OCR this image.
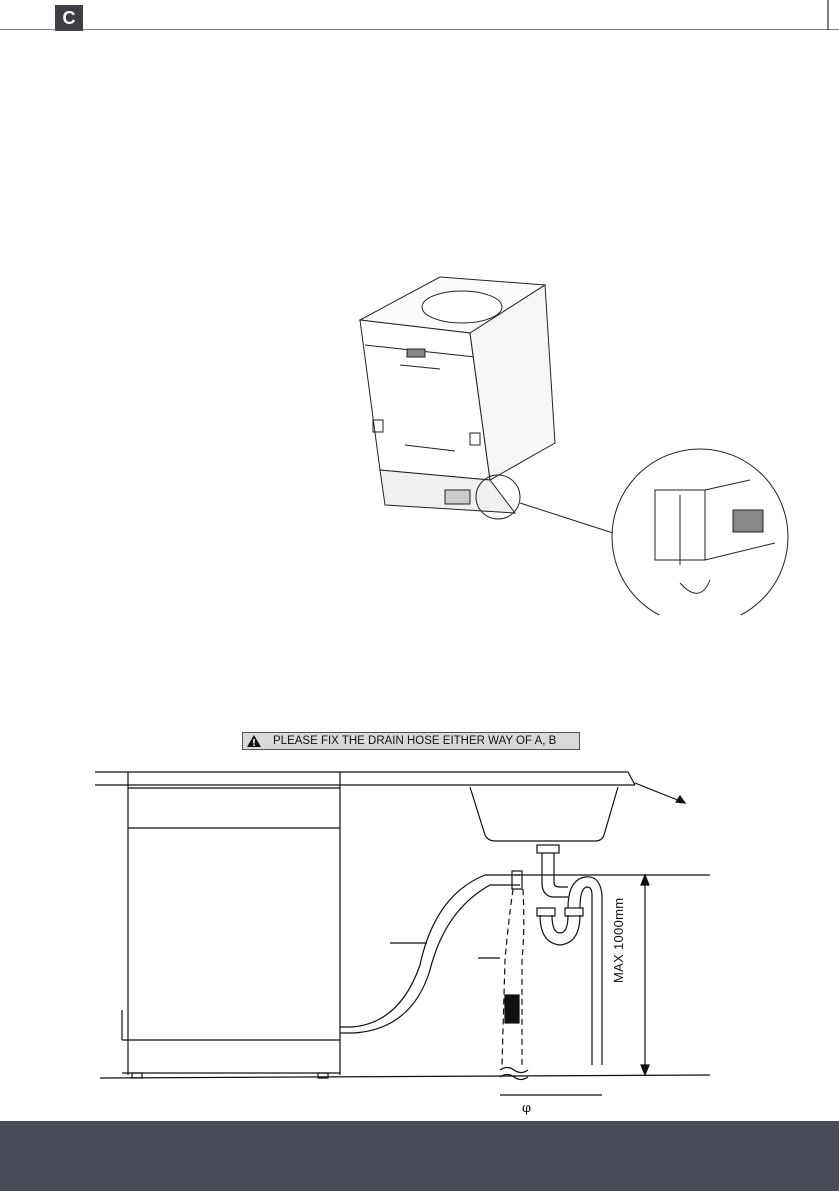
C
PLEASE FIX THE DRAIN HOSE EITHER WAY OF A, B
MAX 1000mm
φ
